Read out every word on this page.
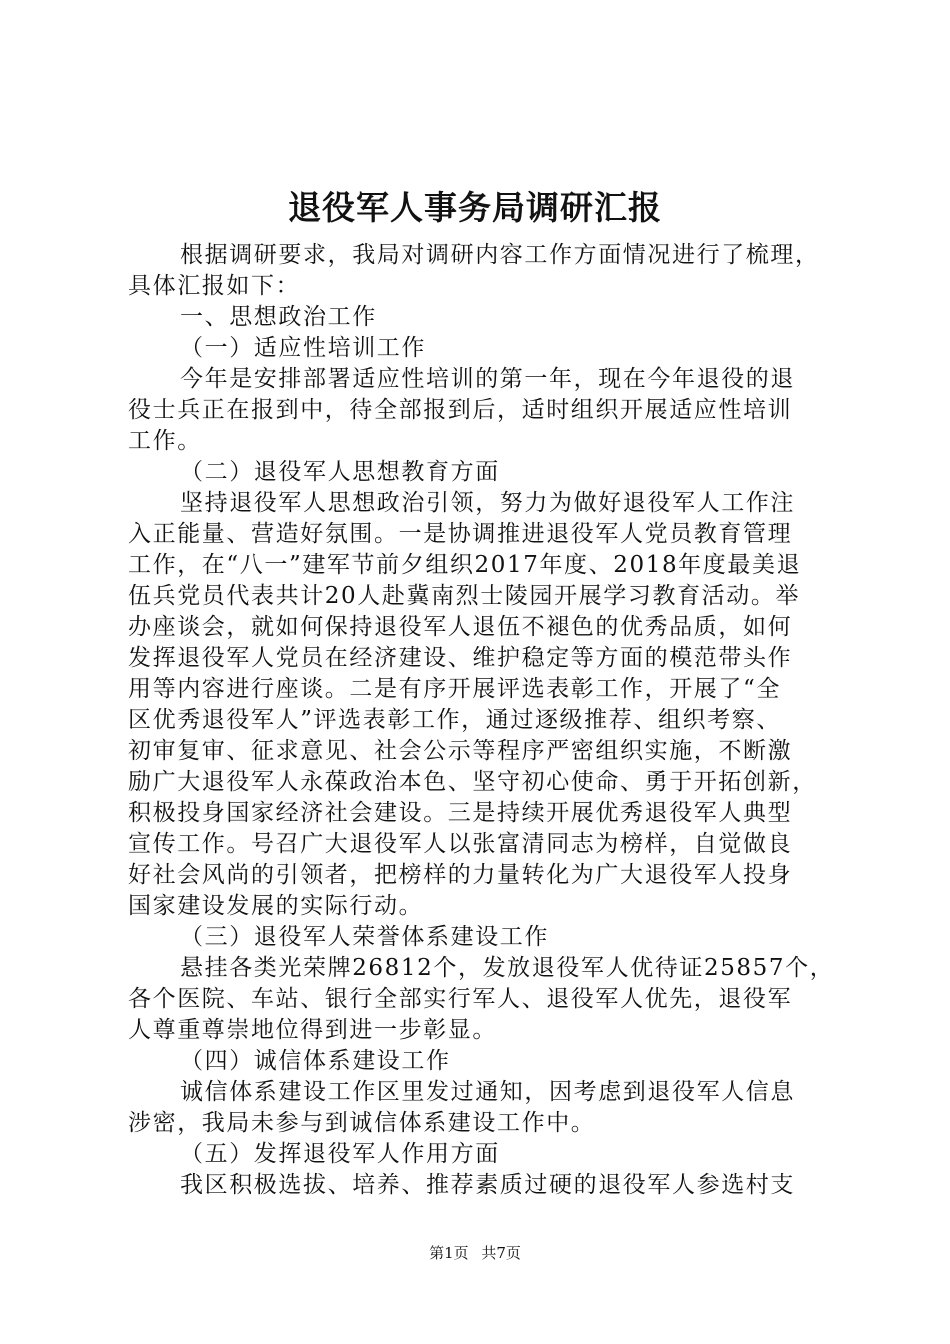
退役军人事务局调研汇报
根据调研要求，我局对调研内容工作方面情况进行了梳理，
具体汇报如下：
一、思想政治工作
（一）适应性培训工作
今年是安排部署适应性培训的第一年，现在今年退役的退
役士兵正在报到中，待全部报到后，适时组织开展适应性培训
工作。
（二）退役军人思想教育方面
坚持退役军人思想政治引领，努力为做好退役军人工作注
入正能量、营造好氛围。一是协调推进退役军人党员教育管理
工作，在“八一”建军节前夕组织2017年度、2018年度最美退
伍兵党员代表共计20人赴冀南烈士陵园开展学习教育活动。举
办座谈会，就如何保持退役军人退伍不褪色的优秀品质，如何
发挥退役军人党员在经济建设、维护稳定等方面的模范带头作
用等内容进行座谈。二是有序开展评选表彰工作，开展了“全
区优秀退役军人”评选表彰工作，通过逐级推荐、组织考察、
初审复审、征求意见、社会公示等程序严密组织实施，不断激
励广大退役军人永葆政治本色、坚守初心使命、勇于开拓创新，
积极投身国家经济社会建设。三是持续开展优秀退役军人典型
宣传工作。号召广大退役军人以张富清同志为榜样，自觉做良
好社会风尚的引领者，把榜样的力量转化为广大退役军人投身
国家建设发展的实际行动。
（三）退役军人荣誉体系建设工作
悬挂各类光荣牌26812个，发放退役军人优待证25857个，
各个医院、车站、银行全部实行军人、退役军人优先，退役军
人尊重尊崇地位得到进一步彰显。
（四）诚信体系建设工作
诚信体系建设工作区里发过通知，因考虑到退役军人信息
涉密，我局未参与到诚信体系建设工作中。
（五）发挥退役军人作用方面
我区积极选拔、培养、推荐素质过硬的退役军人参选村支
第1页 共7页
